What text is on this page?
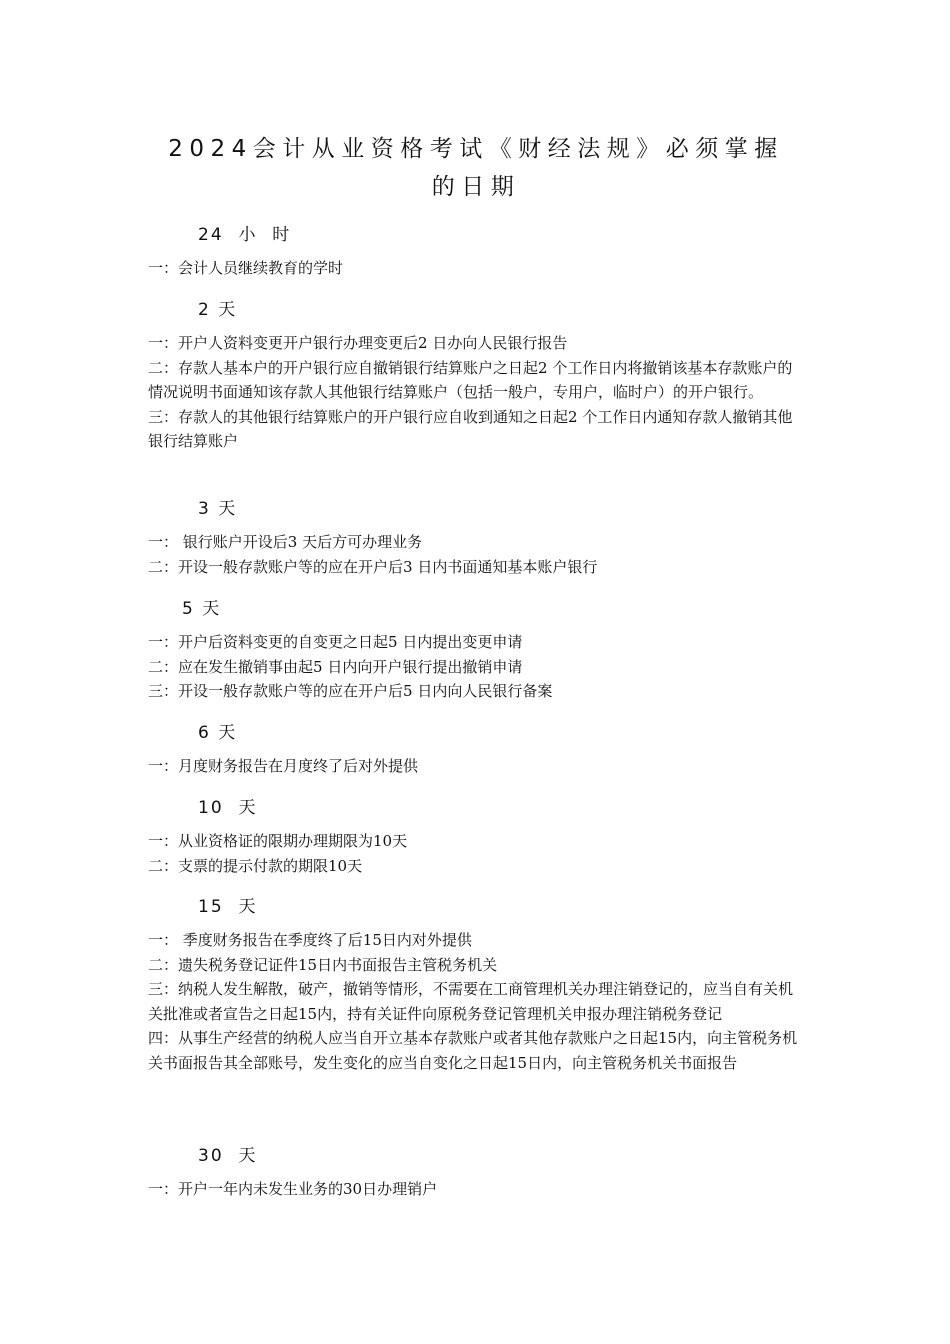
2024会计从业资格考试《财经法规》必须掌握
的日期
24  小  时

一：会计人员继续教育的学时

2 天

一：开户人资料变更开户银行办理变更后2 日办向人民银行报告

二：存款人基本户的开户银行应自撤销银行结算账户之日起2 个工作日内将撤销该基本存款账户的情况说明书面通知该存款人其他银行结算账户（包括一般户，专用户，临时户）的开户银行。

三：存款人的其他银行结算账户的开户银行应自收到通知之日起2 个工作日内通知存款人撤销其他银行结算账户

3 天

一： 银行账户开设后3 天后方可办理业务

二：开设一般存款账户等的应在开户后3 日内书面通知基本账户银行

5 天

一：开户后资料变更的自变更之日起5 日内提出变更申请

二：应在发生撤销事由起5 日内向开户银行提出撤销申请

三：开设一般存款账户等的应在开户后5 日内向人民银行备案

6 天

一：月度财务报告在月度终了后对外提供

10  天

一：从业资格证的限期办理期限为10天

二：支票的提示付款的期限10天

15  天

一： 季度财务报告在季度终了后15日内对外提供

二：遗失税务登记证件15日内书面报告主管税务机关

三：纳税人发生解散，破产，撤销等情形，不需要在工商管理机关办理注销登记的，应当自有关机关批准或者宣告之日起15内，持有关证件向原税务登记管理机关申报办理注销税务登记

四：从事生产经营的纳税人应当自开立基本存款账户或者其他存款账户之日起15内，向主管税务机关书面报告其全部账号，发生变化的应当自变化之日起15日内，向主管税务机关书面报告

30  天

一：开户一年内未发生业务的30日办理销户
